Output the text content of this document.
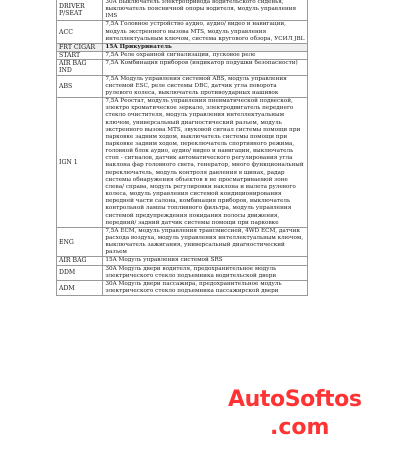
DRIVER P/SEAT	30A Выключатель электропривода водительского сиденья, выключатель поясничной опоры водителя, модуль управления IMS
ACC	7,5A Головное устройство аудио, аудио/ видео и навигации, модуль экстренного вызова MTS, модуль управления интеллектуальным ключом, система кругового обзора, УСИЛ JBL
FRT CIGAR	15A Прикуриватель
START	7,5A Реле охранной сигнализации, пусковое реле
AIR BAG IND	7,5A Комбинация приборов (индикатор подушки безопасности)
ABS	7,5A Модуль управления системой ABS, модуль управления системой ESC, реле системы DBC, датчик угла поворота рулевого колеса, выключатель противоударных нашивок
IGN 1	7,5A Реостат, модуль управления пневматической подвеской, электро хроматическое зеркало, электродвигатель переднего стекло очистителя, модуль управления интеллектуальным ключом, универсальный диагностический разъем, модуль экстренного вызова MTS, звуковой сигнал системы помощи при парковке задним ходом, выключатель системы помощи при парковке задним ходом, переключатель спортивного режима, головной блок аудио, аудио/ видео и навигации, выключатель стоп - сигналов, датчик автоматического регулирования угла наклона фар головного света, генератор, много функциональный переключатель, модуль контроля давления в шинах, радар системы обнаружения объектов в не просматриваемой зоне слева/ справа, модуль регулировки наклона и вылета рулевого колеса, модуль управления системой кондиционирования передней части салона, комбинация приборов, выключатель контрольной лампы топливного фильтра, модуль управления системой предупреждения покидания полосы движения, передний/ задний датчик системы помощи при парковке
ENG	7,5A ECM, модуль управления трансмиссией, 4WD ECM, датчик расхода воздуха, модуль управления интеллектуальным ключом, выключатель зажигания, универсальный диагностический разъем
AIR BAG	15A Модуль управления системой SRS
DDM	30A Модуль двери водителя, предохранительное модуль электрического стекло подъемника водительской двери
ADM	30A Модуль двери пассажира, предохранительное модуль электрического стекло подъемника пассажирской двери
AutoSoftos
.com
